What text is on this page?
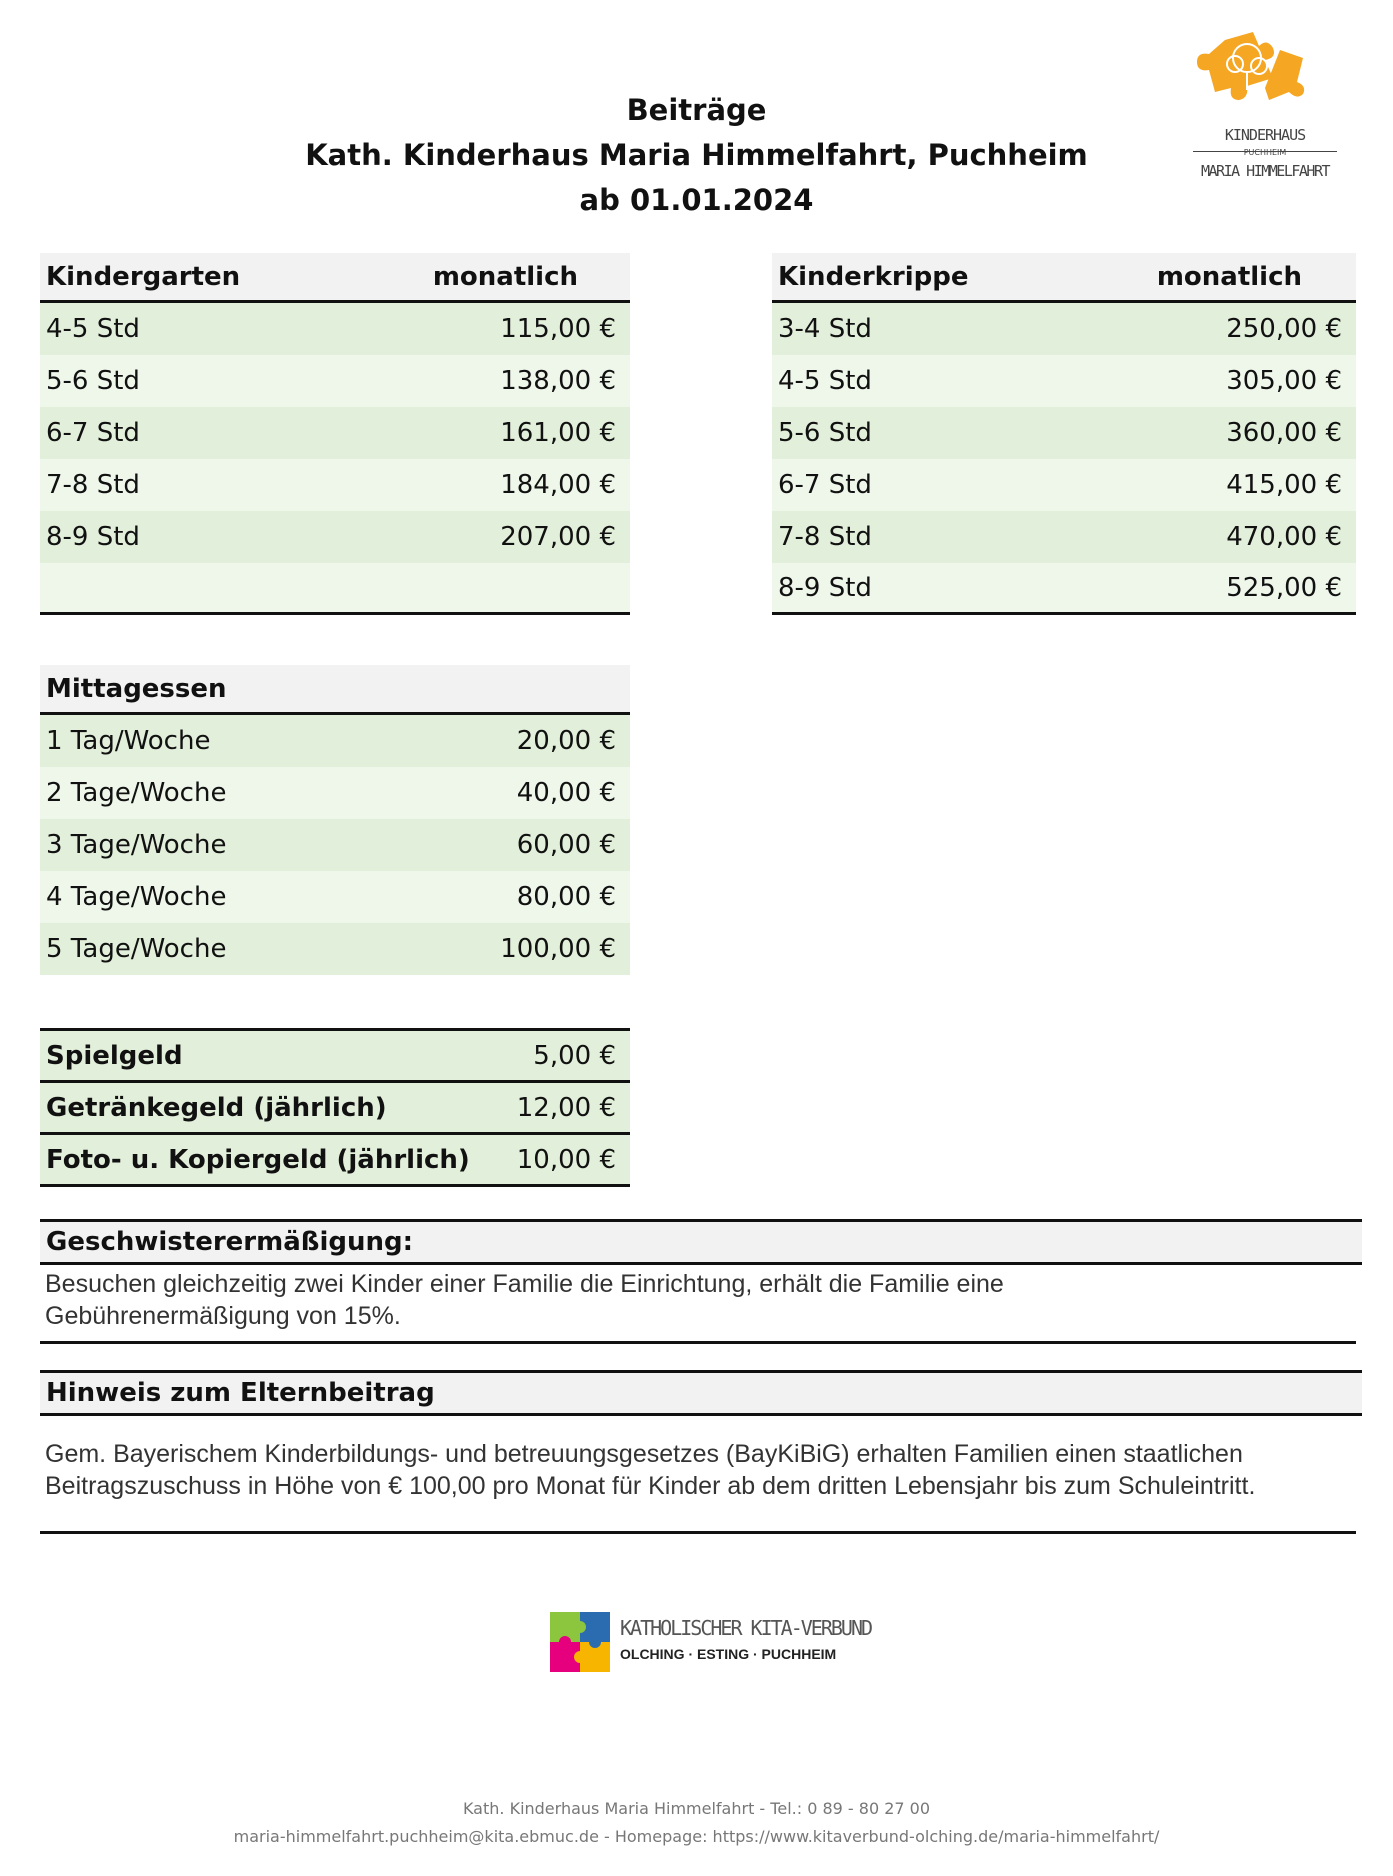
Beiträge
Kath. Kinderhaus Maria Himmelfahrt, Puchheim
ab 01.01.2024
KINDERHAUS
PUCHHEIM
MARIA HIMMELFAHRT
Kindergarten	monatlich
4-5 Std	115,00 €
5-6 Std	138,00 €
6-7 Std	161,00 €
7-8 Std	184,00 €
8-9 Std	207,00 €
Kinderkrippe	monatlich
3-4 Std	250,00 €
4-5 Std	305,00 €
5-6 Std	360,00 €
6-7 Std	415,00 €
7-8 Std	470,00 €
8-9 Std	525,00 €
Mittagessen
1 Tag/Woche	20,00 €
2 Tage/Woche	40,00 €
3 Tage/Woche	60,00 €
4 Tage/Woche	80,00 €
5 Tage/Woche	100,00 €
Spielgeld	5,00 €
Getränkegeld (jährlich)	12,00 €
Foto- u. Kopiergeld (jährlich)	10,00 €
Geschwisterermäßigung:
Besuchen gleichzeitig zwei Kinder einer Familie die Einrichtung, erhält die Familie eine
Gebührenermäßigung von 15%.
Hinweis zum Elternbeitrag
Gem. Bayerischem Kinderbildungs- und betreuungsgesetzes (BayKiBiG) erhalten Familien einen staatlichen
Beitragszuschuss in Höhe von € 100,00 pro Monat für Kinder ab dem dritten Lebensjahr bis zum Schuleintritt.
KATHOLISCHER KITA-VERBUND
OLCHING · ESTING · PUCHHEIM
Kath. Kinderhaus Maria Himmelfahrt - Tel.: 0 89 - 80 27 00
maria-himmelfahrt.puchheim@kita.ebmuc.de - Homepage: https://www.kitaverbund-olching.de/maria-himmelfahrt/
